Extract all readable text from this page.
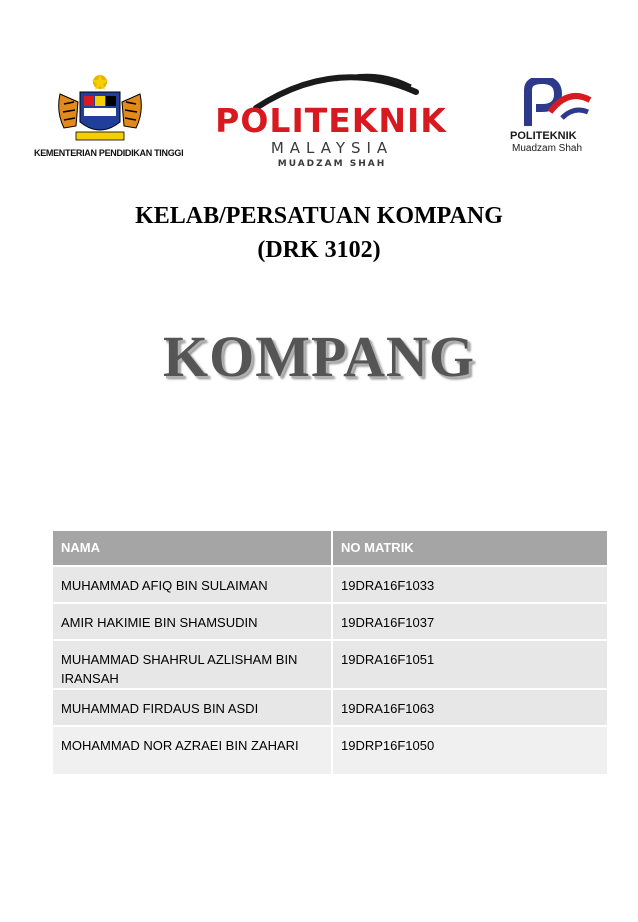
KEMENTERIAN PENDIDIKAN TINGGI
POLITEKNIK
MALAYSIA
MUADZAM SHAH
POLITEKNIK
Muadzam Shah
KELAB/PERSATUAN KOMPANG
(DRK 3102)
KOMPANG
NAMA	NO MATRIK
MUHAMMAD AFIQ BIN SULAIMAN	19DRA16F1033
AMIR HAKIMIE BIN SHAMSUDIN	19DRA16F1037
MUHAMMAD SHAHRUL AZLISHAM BIN IRANSAH	19DRA16F1051
MUHAMMAD FIRDAUS BIN ASDI	19DRA16F1063
MOHAMMAD NOR AZRAEI BIN ZAHARI	19DRP16F1050
